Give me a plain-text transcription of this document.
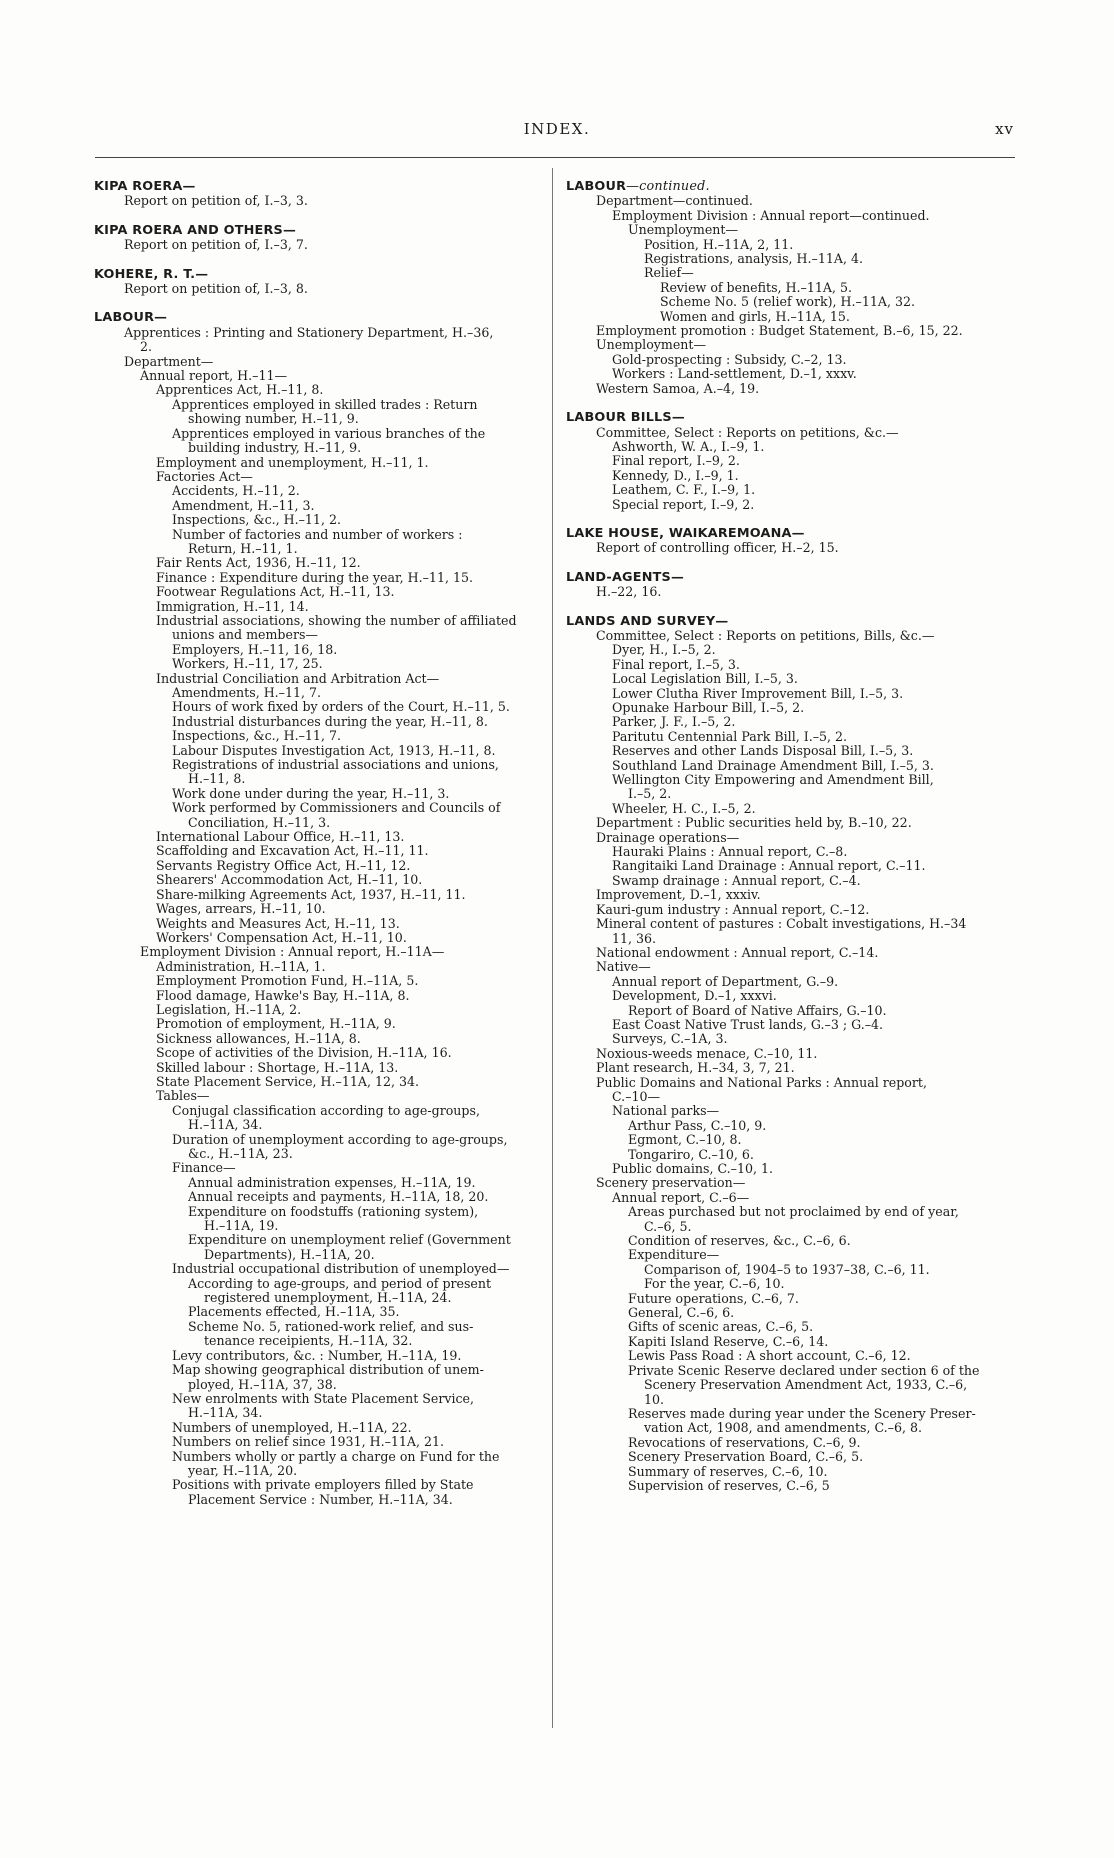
INDEX.	xv
KIPA ROERA—
Report on petition of, I.–3, 3.
KIPA ROERA AND OTHERS—
Report on petition of, I.–3, 7.
KOHERE, R. T.—
Report on petition of, I.–3, 8.
LABOUR—
Apprentices : Printing and Stationery Department, H.–36,
2.
Department—
Annual report, H.–11—
Apprentices Act, H.–11, 8.
Apprentices employed in skilled trades : Return
showing number, H.–11, 9.
Apprentices employed in various branches of the
building industry, H.–11, 9.
Employment and unemployment, H.–11, 1.
Factories Act—
Accidents, H.–11, 2.
Amendment, H.–11, 3.
Inspections, &c., H.–11, 2.
Number of factories and number of workers :
Return, H.–11, 1.
Fair Rents Act, 1936, H.–11, 12.
Finance : Expenditure during the year, H.–11, 15.
Footwear Regulations Act, H.–11, 13.
Immigration, H.–11, 14.
Industrial associations, showing the number of affiliated
unions and members—
Employers, H.–11, 16, 18.
Workers, H.–11, 17, 25.
Industrial Conciliation and Arbitration Act—
Amendments, H.–11, 7.
Hours of work fixed by orders of the Court, H.–11, 5.
Industrial disturbances during the year, H.–11, 8.
Inspections, &c., H.–11, 7.
Labour Disputes Investigation Act, 1913, H.–11, 8.
Registrations of industrial associations and unions,
H.–11, 8.
Work done under during the year, H.–11, 3.
Work performed by Commissioners and Councils of
Conciliation, H.–11, 3.
International Labour Office, H.–11, 13.
Scaffolding and Excavation Act, H.–11, 11.
Servants Registry Office Act, H.–11, 12.
Shearers' Accommodation Act, H.–11, 10.
Share-milking Agreements Act, 1937, H.–11, 11.
Wages, arrears, H.–11, 10.
Weights and Measures Act, H.–11, 13.
Workers' Compensation Act, H.–11, 10.
Employment Division : Annual report, H.–11A—
Administration, H.–11A, 1.
Employment Promotion Fund, H.–11A, 5.
Flood damage, Hawke's Bay, H.–11A, 8.
Legislation, H.–11A, 2.
Promotion of employment, H.–11A, 9.
Sickness allowances, H.–11A, 8.
Scope of activities of the Division, H.–11A, 16.
Skilled labour : Shortage, H.–11A, 13.
State Placement Service, H.–11A, 12, 34.
Tables—
Conjugal classification according to age-groups,
H.–11A, 34.
Duration of unemployment according to age-groups,
&c., H.–11A, 23.
Finance—
Annual administration expenses, H.–11A, 19.
Annual receipts and payments, H.–11A, 18, 20.
Expenditure on foodstuffs (rationing system),
H.–11A, 19.
Expenditure on unemployment relief (Government
Departments), H.–11A, 20.
Industrial occupational distribution of unemployed—
According to age-groups, and period of present
registered unemployment, H.–11A, 24.
Placements effected, H.–11A, 35.
Scheme No. 5, rationed-work relief, and sus-
tenance receipients, H.–11A, 32.
Levy contributors, &c. : Number, H.–11A, 19.
Map showing geographical distribution of unem-
ployed, H.–11A, 37, 38.
New enrolments with State Placement Service,
H.–11A, 34.
Numbers of unemployed, H.–11A, 22.
Numbers on relief since 1931, H.–11A, 21.
Numbers wholly or partly a charge on Fund for the
year, H.–11A, 20.
Positions with private employers filled by State
Placement Service : Number, H.–11A, 34.
LABOUR—continued.
Department—continued.
Employment Division : Annual report—continued.
Unemployment—
Position, H.–11A, 2, 11.
Registrations, analysis, H.–11A, 4.
Relief—
Review of benefits, H.–11A, 5.
Scheme No. 5 (relief work), H.–11A, 32.
Women and girls, H.–11A, 15.
Employment promotion : Budget Statement, B.–6, 15, 22.
Unemployment—
Gold-prospecting : Subsidy, C.–2, 13.
Workers : Land-settlement, D.–1, xxxv.
Western Samoa, A.–4, 19.
LABOUR BILLS—
Committee, Select : Reports on petitions, &c.—
Ashworth, W. A., I.–9, 1.
Final report, I.–9, 2.
Kennedy, D., I.–9, 1.
Leathem, C. F., I.–9, 1.
Special report, I.–9, 2.
LAKE HOUSE, WAIKAREMOANA—
Report of controlling officer, H.–2, 15.
LAND-AGENTS—
H.–22, 16.
LANDS AND SURVEY—
Committee, Select : Reports on petitions, Bills, &c.—
Dyer, H., I.–5, 2.
Final report, I.–5, 3.
Local Legislation Bill, I.–5, 3.
Lower Clutha River Improvement Bill, I.–5, 3.
Opunake Harbour Bill, I.–5, 2.
Parker, J. F., I.–5, 2.
Paritutu Centennial Park Bill, I.–5, 2.
Reserves and other Lands Disposal Bill, I.–5, 3.
Southland Land Drainage Amendment Bill, I.–5, 3.
Wellington City Empowering and Amendment Bill,
I.–5, 2.
Wheeler, H. C., I.–5, 2.
Department : Public securities held by, B.–10, 22.
Drainage operations—
Hauraki Plains : Annual report, C.–8.
Rangitaiki Land Drainage : Annual report, C.–11.
Swamp drainage : Annual report, C.–4.
Improvement, D.–1, xxxiv.
Kauri-gum industry : Annual report, C.–12.
Mineral content of pastures : Cobalt investigations, H.–34
11, 36.
National endowment : Annual report, C.–14.
Native—
Annual report of Department, G.–9.
Development, D.–1, xxxvi.
Report of Board of Native Affairs, G.–10.
East Coast Native Trust lands, G.–3 ; G.–4.
Surveys, C.–1A, 3.
Noxious-weeds menace, C.–10, 11.
Plant research, H.–34, 3, 7, 21.
Public Domains and National Parks : Annual report,
C.–10—
National parks—
Arthur Pass, C.–10, 9.
Egmont, C.–10, 8.
Tongariro, C.–10, 6.
Public domains, C.–10, 1.
Scenery preservation—
Annual report, C.–6—
Areas purchased but not proclaimed by end of year,
C.–6, 5.
Condition of reserves, &c., C.–6, 6.
Expenditure—
Comparison of, 1904–5 to 1937–38, C.–6, 11.
For the year, C.–6, 10.
Future operations, C.–6, 7.
General, C.–6, 6.
Gifts of scenic areas, C.–6, 5.
Kapiti Island Reserve, C.–6, 14.
Lewis Pass Road : A short account, C.–6, 12.
Private Scenic Reserve declared under section 6 of the
Scenery Preservation Amendment Act, 1933, C.–6,
10.
Reserves made during year under the Scenery Preser-
vation Act, 1908, and amendments, C.–6, 8.
Revocations of reservations, C.–6, 9.
Scenery Preservation Board, C.–6, 5.
Summary of reserves, C.–6, 10.
Supervision of reserves, C.–6, 5
